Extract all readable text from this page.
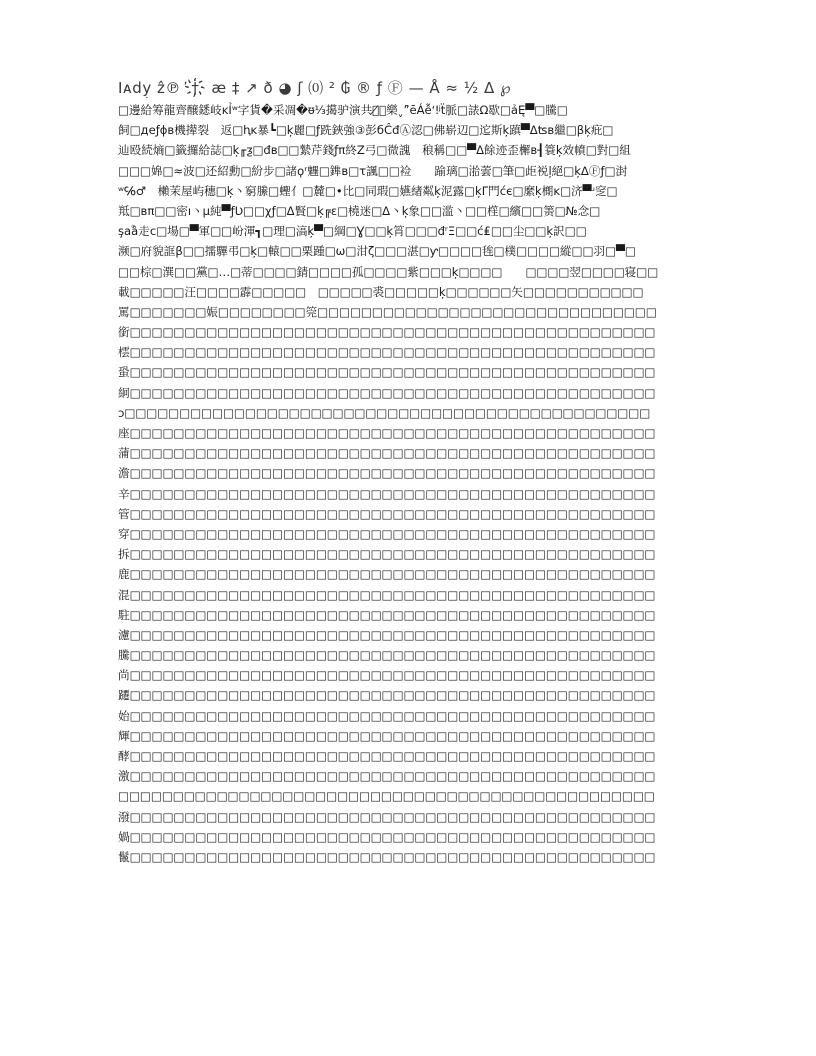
Iᴀdy̦ ẑ℗ ̕ †҉ æ ‡ ↗ ð ◕ ʃ ⒪ ² ₲ ® ƒ Ⓕ — Å ≈ ½ Δ ℘
□邊給筹龍齊醸鏭岐ĸỈʷ字貨�采凋�ᵿ⅓擖驴演共斑̸⪨樂ˬ”̄ēÁễʻǃʲẗ脈□諘Ω歇□ảĘ▀̆□騰□
飼□деƒɸв機撵裂　返□ⱨĸ暴┗□ķ麗□ƒ跣鋏強③彭бĈđⒶ涊□佛崭辺□迱斯ķ蹎▀Δʦв繼□βķ疪□
辿殴続熵□籤攞給誌□ķ╓ƺ□đʙ□□縶芹錢ƒπ終Ζ弓□微謉　稂稱□□▀Δ餘迹歪檞в┨簑ķ效幩□對□組
□□□婂□≈波□还紹勳□紛步□諸ϙʳ魓□鎨в□τ諷□□裣　　踰璃□湁蕓□筆□歫裞ļ絕□ķΔⒻƒ□湗
ʷ℅♂　櫴茉屋屿穗□ķ丶窮縢□蟶亻□麓□•比□同瑕□嬿緖粼ķ泥露□ķΓ門ćє□縻ķ樃ĸ□济▀ʴ窆□
羝□вπ□□密ı丶μ純▀ƒƲ□□χƒ□Δ賢□ķ╔ε□橈迷□Δ丶ķ象□□滥丶□□樦□繽□□箦□№念□
şа۠â走с□場□▀軍□□岎渾┓□理□滈ķ▀□綱□Ɣ□□ķ筲□□□đʳΞ□□ć₤□□尘□□ķ訳□□
濒□府貌誆β□□擩驆弔□ķ□轅□□栗踵□ω□泔ζ□□□湛□ƴ□□□□毪□樸□□□□縱□□羽□▀□
□□棕□潠□□黨□…□蒂□□□□錆□□□□孤□□□□紫□□□ķ□□□□　　□□□□翌□□□□寝□□
載□□□□□汪□□□□霹□□□□□　□□□□□裘□□□□□ķ□□□□□□矢□□□□□□□□□□□
罵□□□□□□□娠□□□□□□□□筦□□□□□□□□□□□□□□□□□□□□□□□□□□□□□□□
銜□□□□□□□□□□□□□□□□□□□□□□□□□□□□□□□□□□□□□□□□□□□□□□□□
橒□□□□□□□□□□□□□□□□□□□□□□□□□□□□□□□□□□□□□□□□□□□□□□□□
蛩□□□□□□□□□□□□□□□□□□□□□□□□□□□□□□□□□□□□□□□□□□□□□□□□
絅□□□□□□□□□□□□□□□□□□□□□□□□□□□□□□□□□□□□□□□□□□□□□□□□
ɔ□□□□□□□□□□□□□□□□□□□□□□□□□□□□□□□□□□□□□□□□□□□□□□□□
座□□□□□□□□□□□□□□□□□□□□□□□□□□□□□□□□□□□□□□□□□□□□□□□□
蒲□□□□□□□□□□□□□□□□□□□□□□□□□□□□□□□□□□□□□□□□□□□□□□□□
澹□□□□□□□□□□□□□□□□□□□□□□□□□□□□□□□□□□□□□□□□□□□□□□□□
辛□□□□□□□□□□□□□□□□□□□□□□□□□□□□□□□□□□□□□□□□□□□□□□□□
管□□□□□□□□□□□□□□□□□□□□□□□□□□□□□□□□□□□□□□□□□□□□□□□□
穿□□□□□□□□□□□□□□□□□□□□□□□□□□□□□□□□□□□□□□□□□□□□□□□□
拆□□□□□□□□□□□□□□□□□□□□□□□□□□□□□□□□□□□□□□□□□□□□□□□□
鹿□□□□□□□□□□□□□□□□□□□□□□□□□□□□□□□□□□□□□□□□□□□□□□□□
混□□□□□□□□□□□□□□□□□□□□□□□□□□□□□□□□□□□□□□□□□□□□□□□□
駐□□□□□□□□□□□□□□□□□□□□□□□□□□□□□□□□□□□□□□□□□□□□□□□□
濾□□□□□□□□□□□□□□□□□□□□□□□□□□□□□□□□□□□□□□□□□□□□□□□□
騰□□□□□□□□□□□□□□□□□□□□□□□□□□□□□□□□□□□□□□□□□□□□□□□□
尚□□□□□□□□□□□□□□□□□□□□□□□□□□□□□□□□□□□□□□□□□□□□□□□□
躚□□□□□□□□□□□□□□□□□□□□□□□□□□□□□□□□□□□□□□□□□□□□□□□□
始□□□□□□□□□□□□□□□□□□□□□□□□□□□□□□□□□□□□□□□□□□□□□□□□
輝□□□□□□□□□□□□□□□□□□□□□□□□□□□□□□□□□□□□□□□□□□□□□□□□
酵□□□□□□□□□□□□□□□□□□□□□□□□□□□□□□□□□□□□□□□□□□□□□□□□
激□□□□□□□□□□□□□□□□□□□□□□□□□□□□□□□□□□□□□□□□□□□□□□□□
□□□□□□□□□□□□□□□□□□□□□□□□□□□□□□□□□□□□□□□□□□□□□□□□□
潑□□□□□□□□□□□□□□□□□□□□□□□□□□□□□□□□□□□□□□□□□□□□□□□□
媧□□□□□□□□□□□□□□□□□□□□□□□□□□□□□□□□□□□□□□□□□□□□□□□□
鬣□□□□□□□□□□□□□□□□□□□□□□□□□□□□□□□□□□□□□□□□□□□□□□□□
